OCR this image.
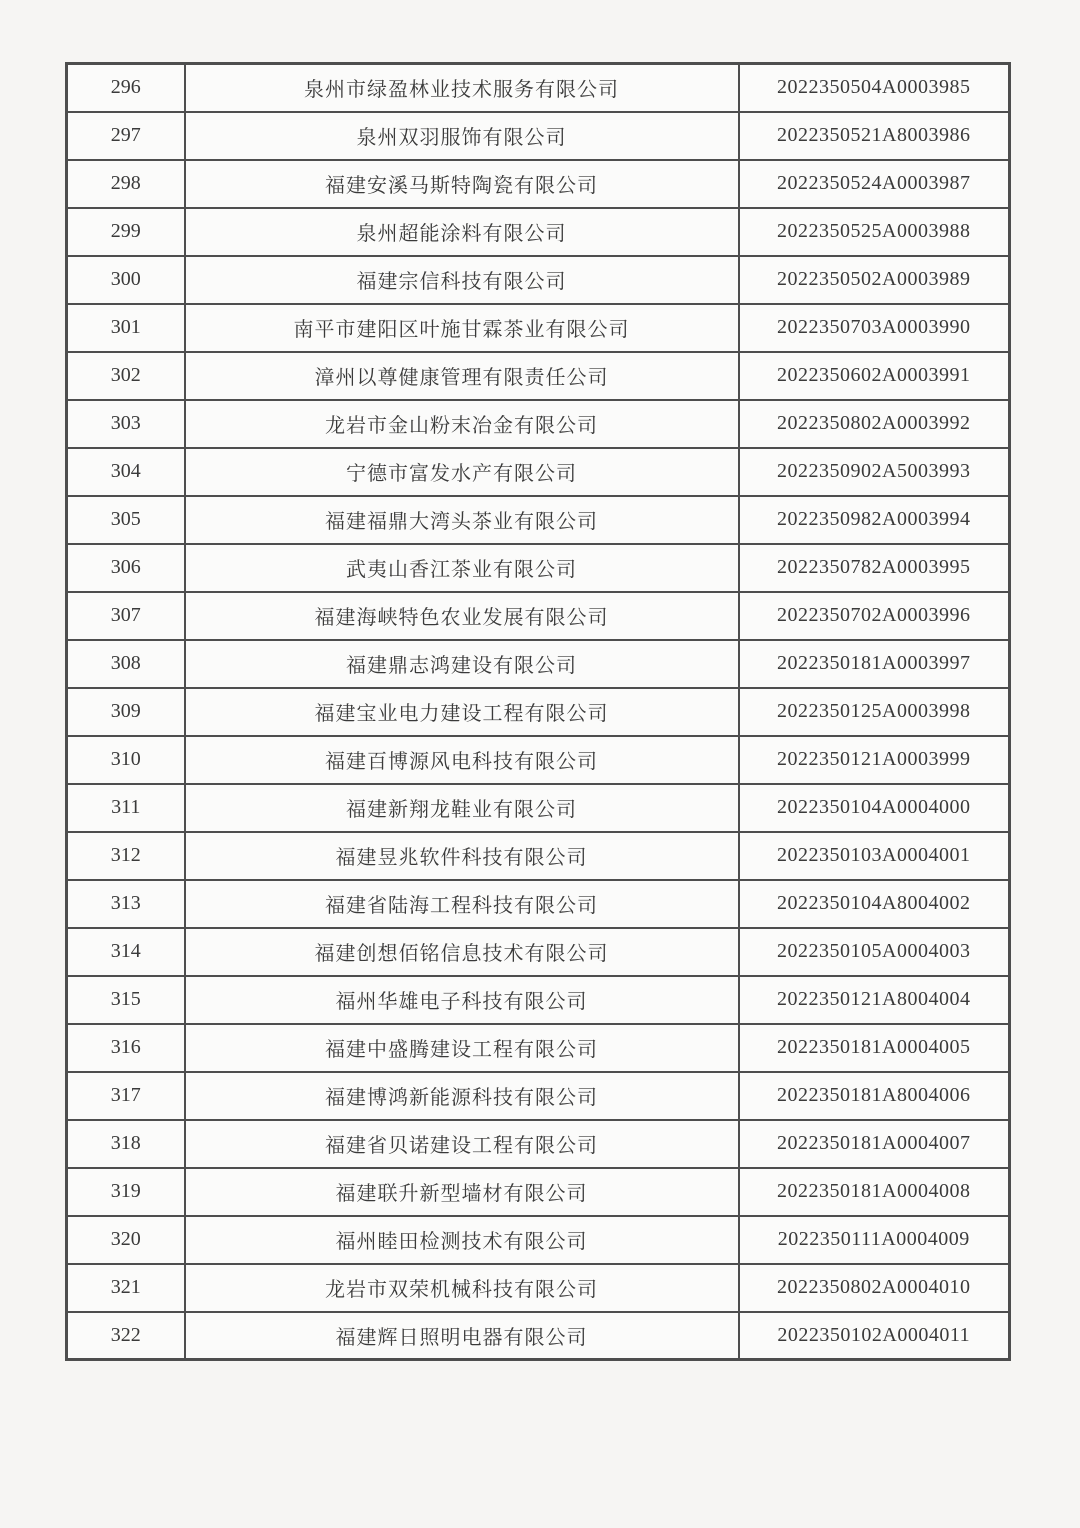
296	泉州市绿盈林业技术服务有限公司	2022350504A0003985
297	泉州双羽服饰有限公司	2022350521A8003986
298	福建安溪马斯特陶瓷有限公司	2022350524A0003987
299	泉州超能涂料有限公司	2022350525A0003988
300	福建宗信科技有限公司	2022350502A0003989
301	南平市建阳区叶施甘霖茶业有限公司	2022350703A0003990
302	漳州以尊健康管理有限责任公司	2022350602A0003991
303	龙岩市金山粉末冶金有限公司	2022350802A0003992
304	宁德市富发水产有限公司	2022350902A5003993
305	福建福鼎大湾头茶业有限公司	2022350982A0003994
306	武夷山香江茶业有限公司	2022350782A0003995
307	福建海峡特色农业发展有限公司	2022350702A0003996
308	福建鼎志鸿建设有限公司	2022350181A0003997
309	福建宝业电力建设工程有限公司	2022350125A0003998
310	福建百博源风电科技有限公司	2022350121A0003999
311	福建新翔龙鞋业有限公司	2022350104A0004000
312	福建昱兆软件科技有限公司	2022350103A0004001
313	福建省陆海工程科技有限公司	2022350104A8004002
314	福建创想佰铭信息技术有限公司	2022350105A0004003
315	福州华雄电子科技有限公司	2022350121A8004004
316	福建中盛腾建设工程有限公司	2022350181A0004005
317	福建博鸿新能源科技有限公司	2022350181A8004006
318	福建省贝诺建设工程有限公司	2022350181A0004007
319	福建联升新型墙材有限公司	2022350181A0004008
320	福州睦田检测技术有限公司	2022350111A0004009
321	龙岩市双荣机械科技有限公司	2022350802A0004010
322	福建辉日照明电器有限公司	2022350102A0004011
